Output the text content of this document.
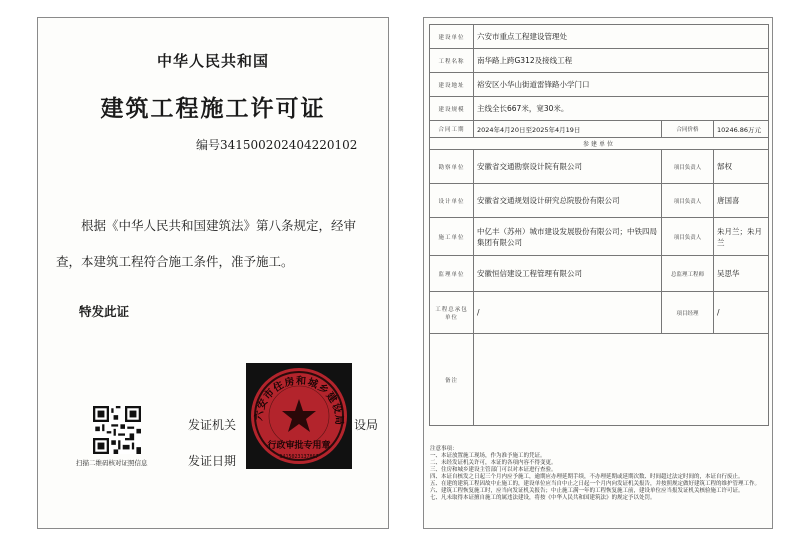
中华人民共和国
建筑工程施工许可证
编号341500202404220102
根据《中华人民共和国建筑法》第八条规定，经审查，本建筑工程符合施工条件，准予施工。
特发此证
扫描二维码核对证照信息
发证机关	设局
发证日期
六安市住房和城乡建设局
行政审批专用章
3415023137867
建设单位	六安市重点工程建设管理处		
工程名称	南华路上跨G312及接线工程		
建设地址	裕安区小华山街道雷锋路小学门口		
建设规模	主线全长667米，宽30米。		
合同工期	2024年4月20日至2025年4月19日	合同价格	10246.86万元
参建单位			
勘察单位	安徽省交通勘察设计院有限公司	项目负责人	郜权
设计单位	安徽省交通规划设计研究总院股份有限公司	项目负责人	唐国喜
施工单位	中亿丰（苏州）城市建设发展股份有限公司；中铁四局集团有限公司	项目负责人	朱月兰；朱月兰
监理单位	安徽恒信建设工程管理有限公司	总监理工程师	吴思华
工程总承包单位	/	项目经理	/
备注			
注意事项：
一、本证放置施工现场，作为准予施工的凭证。
二、未经发证机关许可，本证的各项内容不得变更。
三、住房和城乡建设主管部门可以对本证进行查验。
四、本证自核发之日起三个月内应予施工，逾期应办理延期手续，不办理延期或延期次数、时间超过法定时间的，本证自行废止。
五、在建的建筑工程因故中止施工的，建设单位应当自中止之日起一个月内向发证机关报告，并按照规定做好建筑工程的维护管理工作。
六、建筑工程恢复施工时，应当向发证机关报告；中止施工满一年的工程恢复施工前，建设单位应当报发证机关核验施工许可证。
七、凡未取得本证擅自施工的属违法建设，将按《中华人民共和国建筑法》的规定予以处罚。
